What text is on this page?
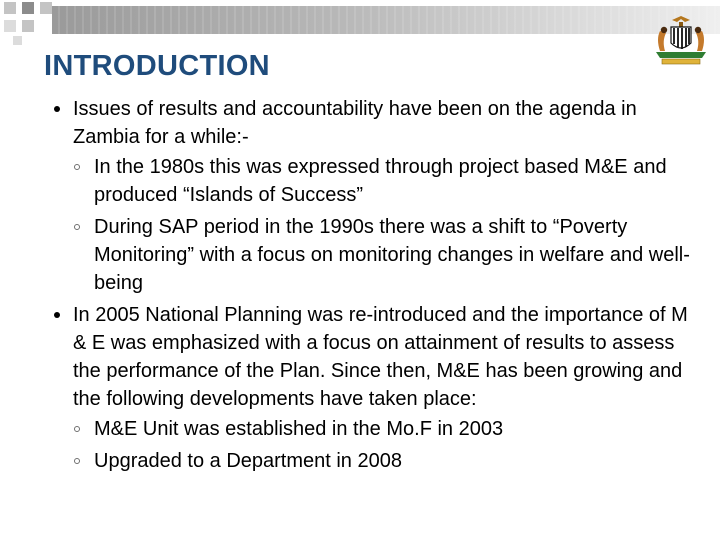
INTRODUCTION
Issues of results and accountability have been on the agenda in Zambia for a while:-
In the 1980s this was expressed through project based M&E and produced “Islands of Success”
During SAP period in the 1990s there was a shift to “Poverty Monitoring” with a focus on monitoring changes in welfare and well-being
In 2005 National Planning was re-introduced and the importance of M & E was emphasized with a focus on attainment of results to assess the performance of the Plan. Since then, M&E has been growing and the following developments have taken place:
M&E Unit was established in the Mo.F in 2003
Upgraded to a Department in 2008
